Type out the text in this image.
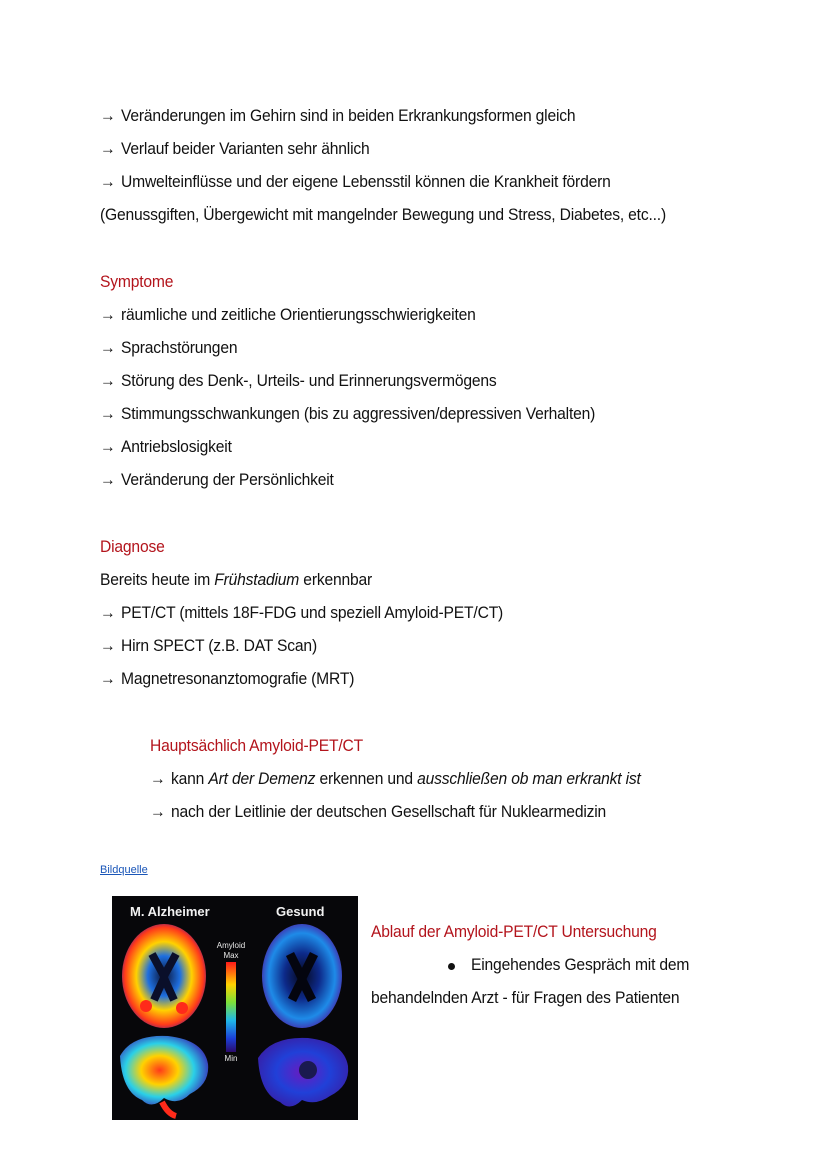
→ Veränderungen im Gehirn sind in beiden Erkrankungsformen gleich
→ Verlauf beider Varianten sehr ähnlich
→ Umwelteinflüsse und der eigene Lebensstil können die Krankheit fördern
(Genussgiften, Übergewicht mit mangelnder Bewegung und Stress, Diabetes, etc...)
Symptome
→ räumliche und zeitliche Orientierungsschwierigkeiten
→ Sprachstörungen
→ Störung des Denk-, Urteils- und Erinnerungsvermögens
→ Stimmungsschwankungen (bis zu aggressiven/depressiven Verhalten)
→ Antriebslosigkeit
→ Veränderung der Persönlichkeit
Diagnose
Bereits heute im Frühstadium erkennbar
→ PET/CT (mittels 18F-FDG und speziell Amyloid-PET/CT)
→ Hirn SPECT (z.B. DAT Scan)
→ Magnetresonanztomografie (MRT)
Hauptsächlich Amyloid-PET/CT
→ kann Art der Demenz erkennen und ausschließen ob man erkrankt ist
→ nach der Leitlinie der deutschen Gesellschaft für Nuklearmedizin
Bildquelle
M. Alzheimer	Gesund
Amyloid
Max
Min
Ablauf der Amyloid-PET/CT Untersuchung
Eingehendes Gespräch mit dem
behandelnden Arzt - für Fragen des Patienten
